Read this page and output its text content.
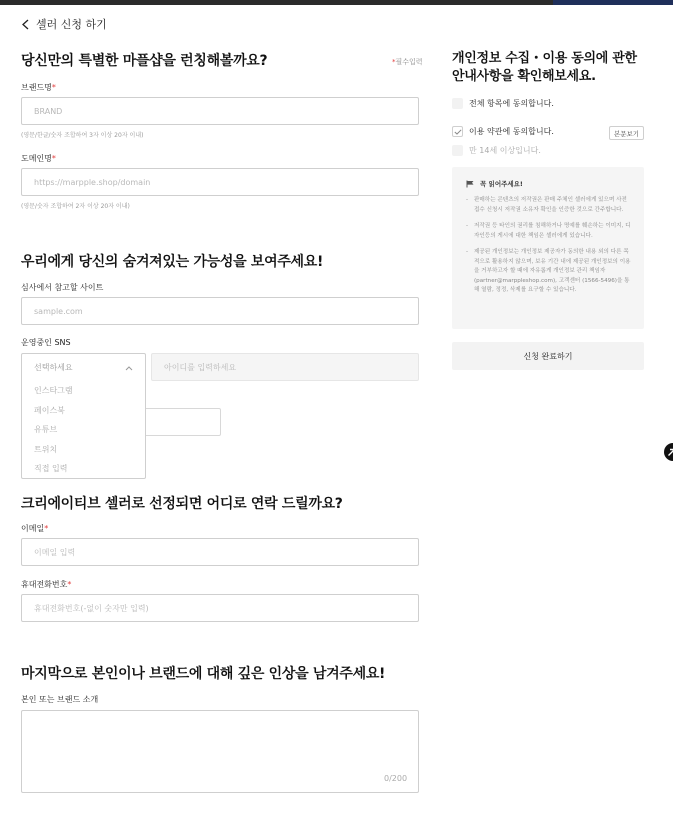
셀러 신청 하기
당신만의 특별한 마플샵을 런칭해볼까요?	*필수입력
브랜드명*
BRAND
(영문/한글/숫자 조합하여 3자 이상 20자 이내)
도메인명*
https://marpple.shop/domain
(영문/숫자 조합하여 2자 이상 20자 이내)
우리에게 당신의 숨겨져있는 가능성을 보여주세요!
심사에서 참고할 사이트
sample.com
운영중인 SNS
선택하세요
인스타그램
페이스북
유튜브
트위치
직접 입력
아이디를 입력하세요
크리에이티브 셀러로 선정되면 어디로 연락 드릴까요?
이메일*
이메일 입력
휴대전화번호*
휴대전화번호(-없이 숫자만 입력)
마지막으로 본인이나 브랜드에 대해 깊은 인상을 남겨주세요!
본인 또는 브랜드 소개
0/200
개인정보 수집・이용 동의에 관한
안내사항을 확인해보세요.
전체 항목에 동의합니다.
이용 약관에 동의합니다.	본문보기
만 14세 이상입니다.
꼭 읽어주세요!
- 판매하는 콘텐츠의 저작권은 판매 주체인 셀러에게 있으며 사전 접수 신청시 저작권 소유자 확인을 인증한 것으로 간주합니다.
- 저작권 등 타인의 권리를 침해하거나 명예를 훼손하는 이미지, 디자인등의 게시에 대한 책임은 셀러에게 있습니다.
- 제공된 개인정보는 개인정보 제공자가 동의한 내용 외의 다른 목적으로 활용하지 않으며, 보유 기간 내에 제공된 개인정보의 이용을 거부하고자 할 때에 자유롭게 개인정보 관리 책임자 (partner@marppleshop.com), 고객센터 (1566-5496)을 통해 열람, 정정, 삭제를 요구할 수 있습니다.
신청 완료하기
